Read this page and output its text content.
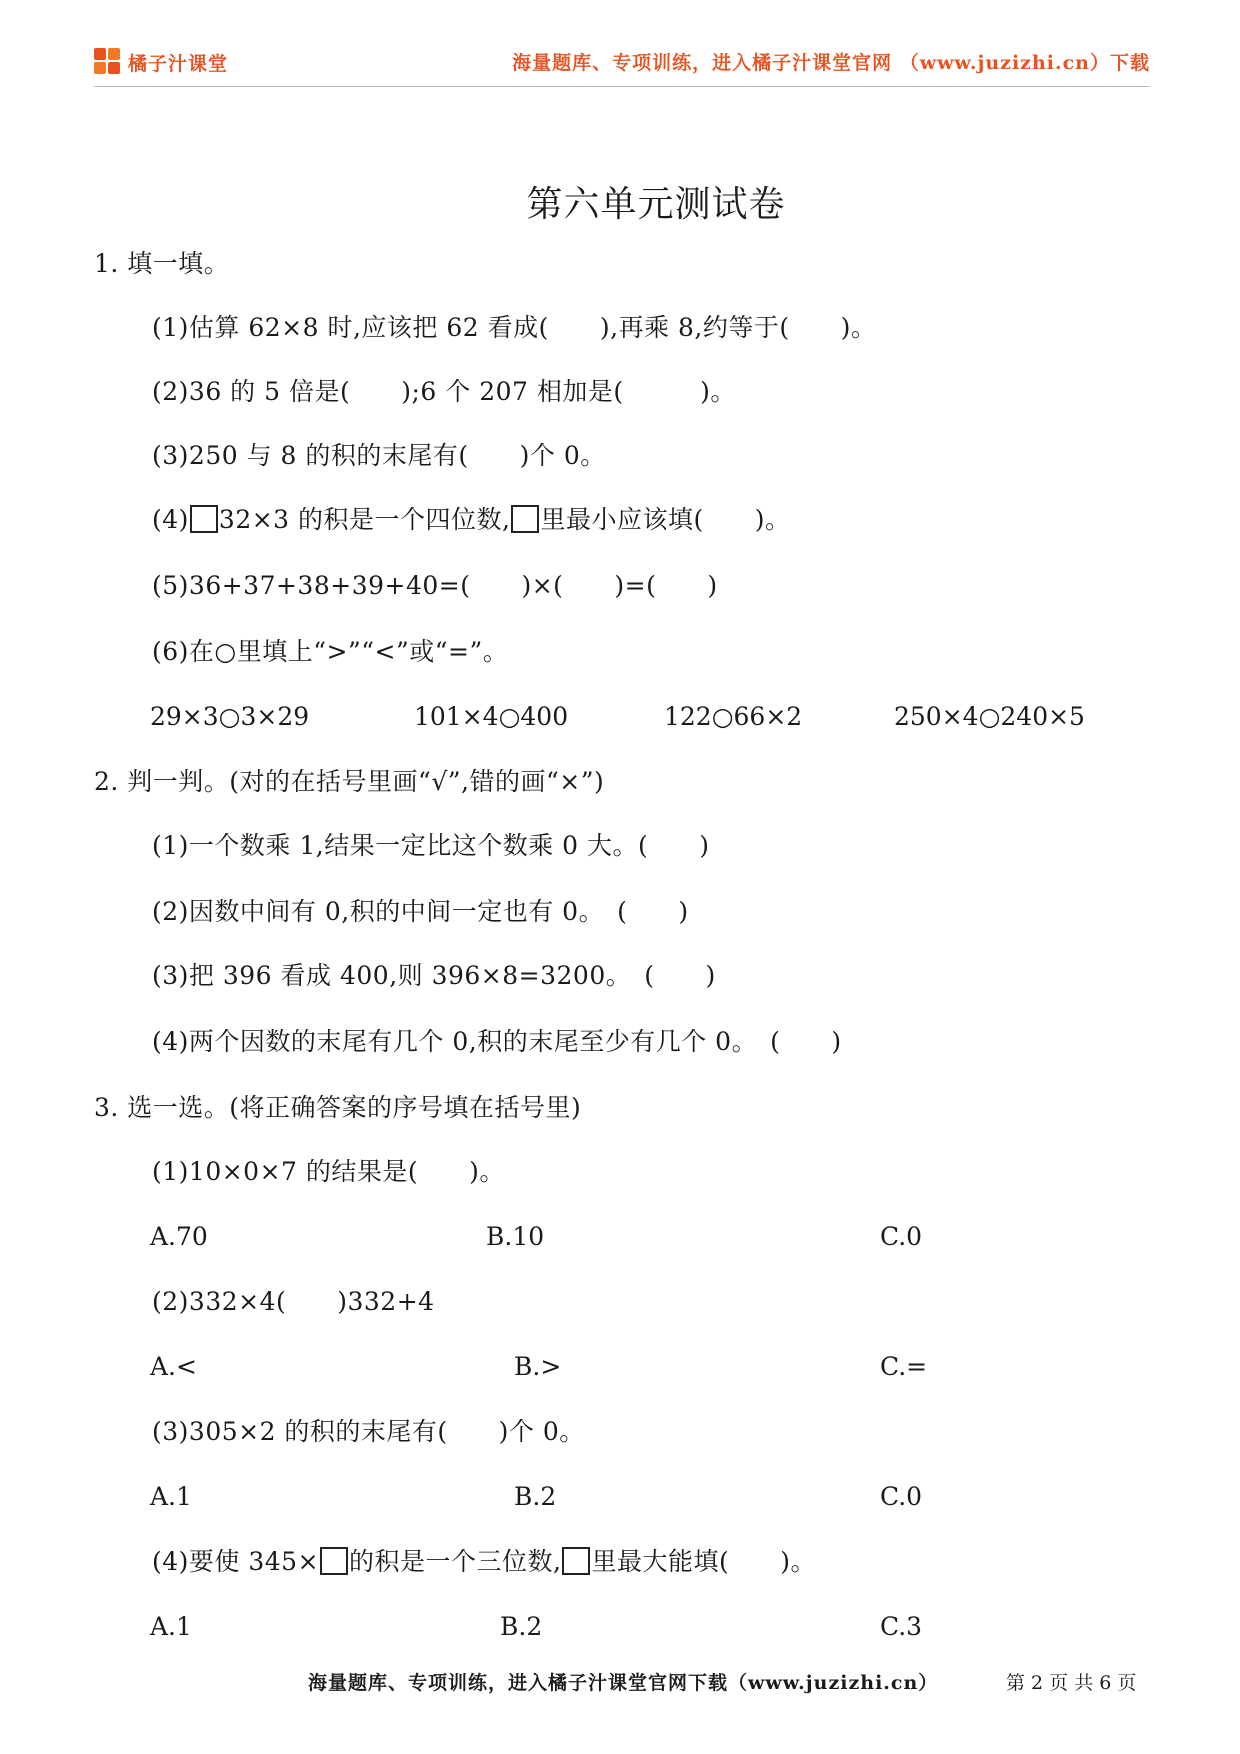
橘子汁课堂	海量题库、专项训练，进入橘子汁课堂官网 （www.juzizhi.cn）下载
第六单元测试卷
1. 填一填。
(1)估算 62×8 时,应该把 62 看成(　　),再乘 8,约等于(　　)。
(2)36 的 5 倍是(　　);6 个 207 相加是(　　　)。
(3)250 与 8 的积的末尾有(　　)个 0。
(4) 32×3 的积是一个四位数, 里最小应该填(　　)。
(5)36+37+38+39+40=(　　)×(　　)=(　　)
(6)在○里填上“>”“<”或“=”。
29×3○3×29	101×4○400	122○66×2	250×4○240×5
2. 判一判。(对的在括号里画“√”,错的画“×”)
(1)一个数乘 1,结果一定比这个数乘 0 大。(　　)
(2)因数中间有 0,积的中间一定也有 0。　(　　)
(3)把 396 看成 400,则 396×8=3200。　(　　)
(4)两个因数的末尾有几个 0,积的末尾至少有几个 0。　(　　)
3. 选一选。(将正确答案的序号填在括号里)
(1)10×0×7 的结果是(　　)。
A.70	B.10	C.0
(2)332×4(　　)332+4
A.<	B.>	C.=
(3)305×2 的积的末尾有(　　)个 0。
A.1	B.2	C.0
(4)要使 345× 的积是一个三位数, 里最大能填(　　)。
A.1	B.2	C.3
海量题库、专项训练，进入橘子汁课堂官网下载（www.juzizhi.cn）	第 2 页 共 6 页
